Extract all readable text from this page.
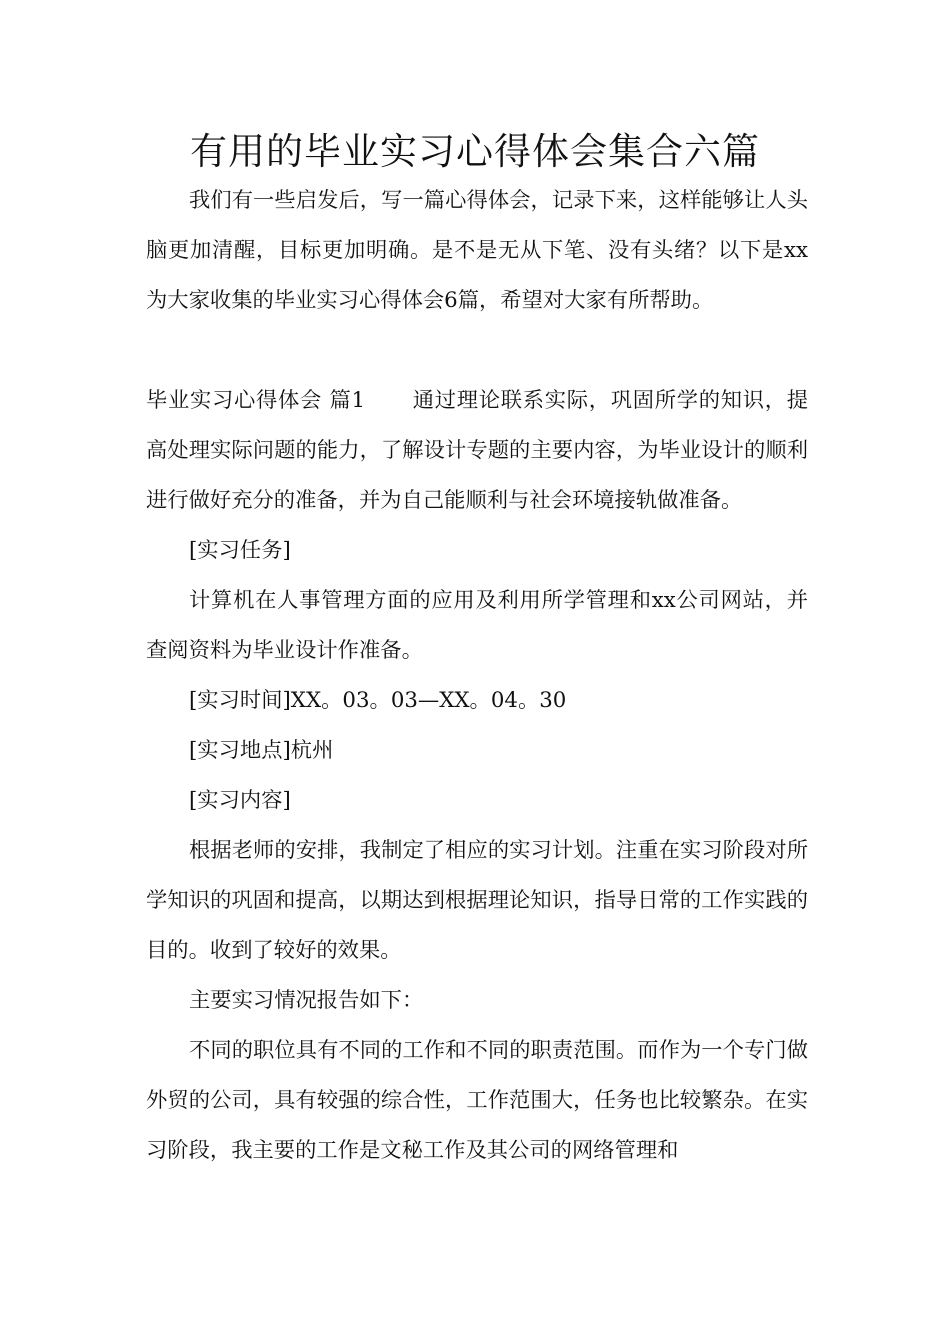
有用的毕业实习心得体会集合六篇

我们有一些启发后，写一篇心得体会，记录下来，这样能够让人头脑更加清醒，目标更加明确。是不是无从下笔、没有头绪？以下是xx为大家收集的毕业实习心得体会6篇，希望对大家有所帮助。

毕业实习心得体会 篇1 通过理论联系实际，巩固所学的知识，提高处理实际问题的能力，了解设计专题的主要内容，为毕业设计的顺利进行做好充分的准备，并为自己能顺利与社会环境接轨做准备。

[实习任务]

计算机在人事管理方面的应用及利用所学管理和xx公司网站，并查阅资料为毕业设计作准备。

[实习时间]XX。03。03—XX。04。30

[实习地点]杭州

[实习内容]

根据老师的安排，我制定了相应的实习计划。注重在实习阶段对所学知识的巩固和提高，以期达到根据理论知识，指导日常的工作实践的目的。收到了较好的效果。

主要实习情况报告如下：

不同的职位具有不同的工作和不同的职责范围。而作为一个专门做外贸的公司，具有较强的综合性，工作范围大，任务也比较繁杂。在实习阶段，我主要的工作是文秘工作及其公司的网络管理和
